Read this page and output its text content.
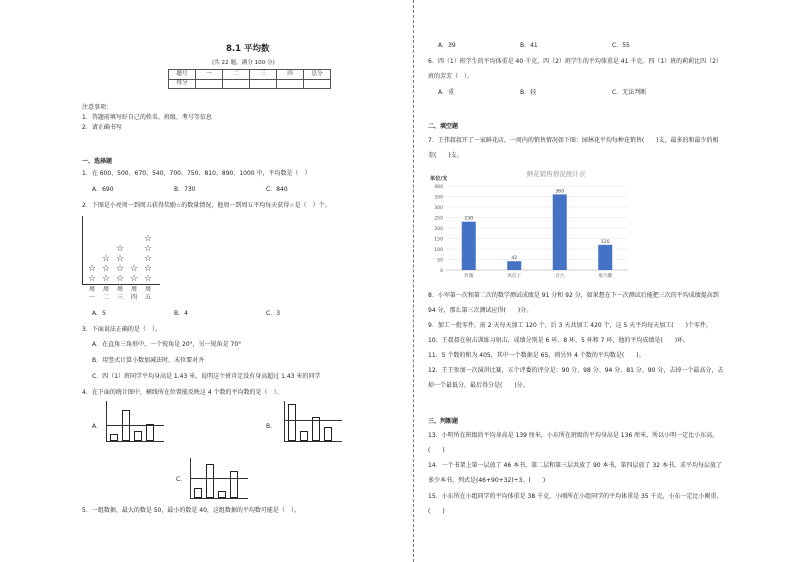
8.1 平均数
(共 22 题，满分 100 分)
题号	一	二	三	四	总分
得分					
注意事项：
1．答题前填写好自己的姓名、班级、考号等信息
2．请正确书写
一、选择题
1．在 600、500、670、540、700、750、810、890、1000 中，平均数是（　）
A．690	B．730	C．840
2．下图是小亮周一到周五获得奖励☆的数量情况，他周一到周五平均每天获得☆是（　）个。
☆
☆
周
一
☆
☆
☆
周
二
☆
☆
☆
☆
周
三
☆
☆
周
四
☆
☆
☆
☆
☆
周
五
A．5	B．4	C．3
3．下面说法正确的是（　）。
A．在直角三角形中，一个锐角是 20°，另一锐角是 70°
B．用竖式计算小数加减法时，末位要对齐
C．四（1）班同学平均身高是 1.43 米，说明这个班肯定没有身高超过 1.43 米的同学
4．在下面的统计图中，横线所在位置能反映这 4 个数的平均数的是（　）。
A．	B．
C．
5．一组数据，最大的数是 50，最小的数是 40，这组数据的平均数可能是（　）。
A．39	B．41	C．55
6．四（1）班学生的平均体重是 40 千克，四（2）班学生的平均体重是 41 千克。四（1）班的莉莉比四（2）
班的芳芳（　）。
A．重	B．轻	C．无法判断
二、填空题
7．王伟叔叔开了一家鲜花店，一周内的销售情况如下图：园林花平均每种花销售(　　)支，最多的和最少的相
差(　　)支。
鲜花销售情况统计表
单位/支
0
50
100
150
200
250
300
350
400
230
玫瑰
42
风信子
360
百合
120
康乃馨
8．小军第一次和第二次的数学测试成绩是 91 分和 92 分，如果想在下一次测试后能把三次的平均成绩提高到
94 分，那么第三次测试应得(　　)分。
9．加工一批零件，前 2 天每天加工 120 个，后 3 天共加工 420 个，这 5 天平均每天加工(　　)个零件，
10．王叔叔在射击训练习射击，成绩分别是 6 环、8 环、5 环和 7 环，他的平均成绩是(　　)环。
11．5 个数的和为 405，其中一个数据是 65，则另外 4 个数的平均数是(　　)。
12．王王参加一次演讲比赛，五个评委的评分是：90 分、98 分、94 分、81 分、90 分，去掉一个最高分，去
掉一个最低分，最后得分是(　　)分。
三、判断题
13．小明所在班级的平均身高是 139 厘米，小东所在班级的平均身高是 136 厘米，所以小明一定比小东高。
(　　)
14．一个书架上第一层放了 46 本书，第二层和第三层共放了 90 本书，第四层放了 32 本书，求平均每层放了
多少本书，列式是(46+90+32)÷3。(　　)
15．小东所在小组同学的平均体重是 38 千克，小刚所在小组同学的平均体重是 35 千克，小东一定比小刚重。
(　　)
